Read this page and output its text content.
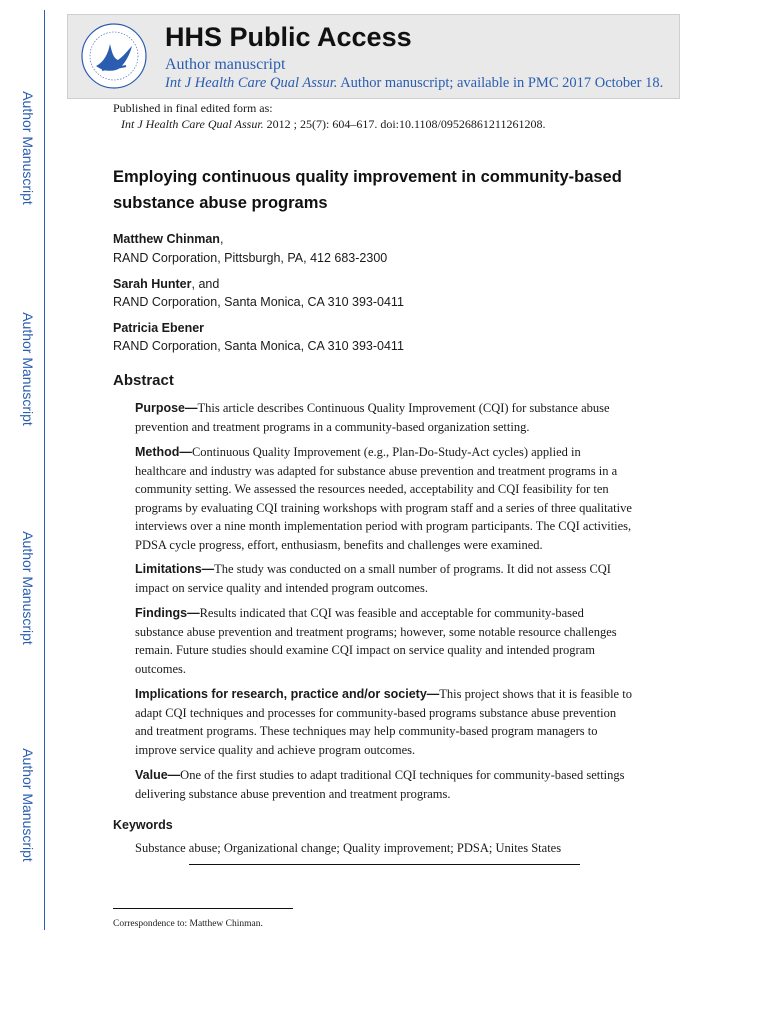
Author Manuscript
Author Manuscript
Author Manuscript
Author Manuscript
HHS Public Access
Author manuscript
Int J Health Care Qual Assur. Author manuscript; available in PMC 2017 October 18.
Published in final edited form as:
Int J Health Care Qual Assur. 2012 ; 25(7): 604–617. doi:10.1108/09526861211261208.
Employing continuous quality improvement in community-based substance abuse programs
Matthew Chinman,
RAND Corporation, Pittsburgh, PA, 412 683-2300
Sarah Hunter, and
RAND Corporation, Santa Monica, CA 310 393-0411
Patricia Ebener
RAND Corporation, Santa Monica, CA 310 393-0411
Abstract

Purpose—This article describes Continuous Quality Improvement (CQI) for substance abuse prevention and treatment programs in a community-based organization setting.

Method—Continuous Quality Improvement (e.g., Plan-Do-Study-Act cycles) applied in healthcare and industry was adapted for substance abuse prevention and treatment programs in a community setting. We assessed the resources needed, acceptability and CQI feasibility for ten programs by evaluating CQI training workshops with program staff and a series of three qualitative interviews over a nine month implementation period with program participants. The CQI activities, PDSA cycle progress, effort, enthusiasm, benefits and challenges were examined.

Limitations—The study was conducted on a small number of programs. It did not assess CQI impact on service quality and intended program outcomes.

Findings—Results indicated that CQI was feasible and acceptable for community-based substance abuse prevention and treatment programs; however, some notable resource challenges remain. Future studies should examine CQI impact on service quality and intended program outcomes.

Implications for research, practice and/or society—This project shows that it is feasible to adapt CQI techniques and processes for community-based programs substance abuse prevention and treatment programs. These techniques may help community-based program managers to improve service quality and achieve program outcomes.

Value—One of the first studies to adapt traditional CQI techniques for community-based settings delivering substance abuse prevention and treatment programs.

Keywords
Substance abuse; Organizational change; Quality improvement; PDSA; Unites States
Correspondence to: Matthew Chinman.
